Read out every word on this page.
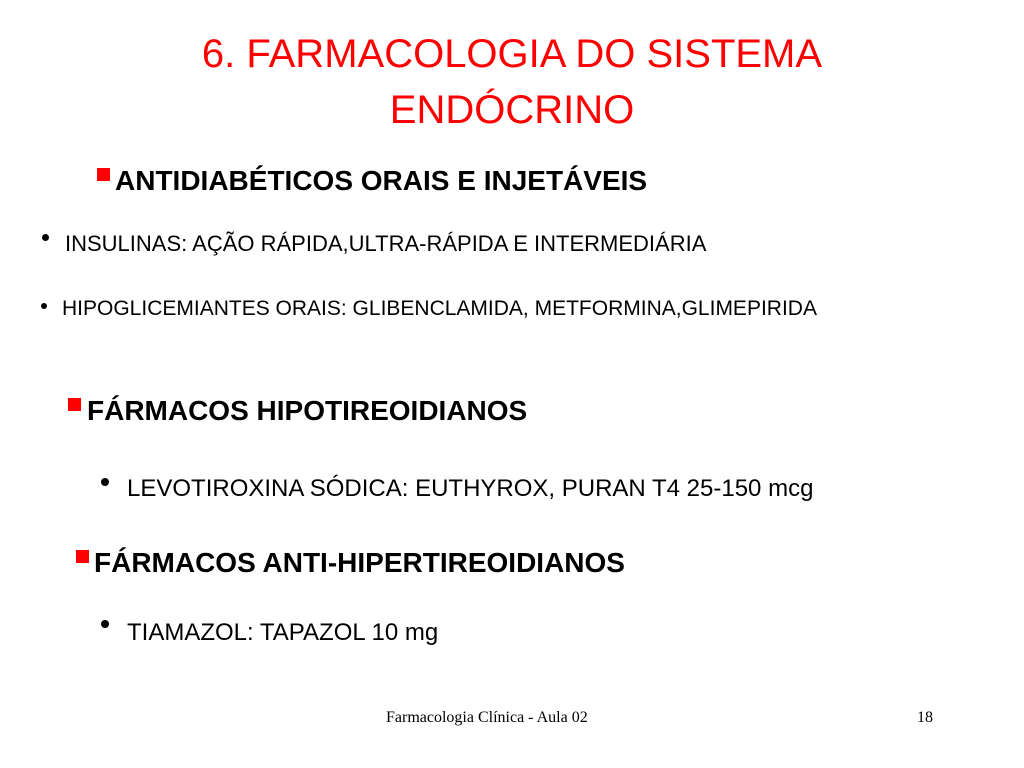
6. FARMACOLOGIA DO SISTEMA
ENDÓCRINO
ANTIDIABÉTICOS ORAIS E INJETÁVEIS
INSULINAS: AÇÃO RÁPIDA,ULTRA-RÁPIDA E INTERMEDIÁRIA
HIPOGLICEMIANTES ORAIS: GLIBENCLAMIDA, METFORMINA,GLIMEPIRIDA
FÁRMACOS HIPOTIREOIDIANOS
LEVOTIROXINA SÓDICA: EUTHYROX, PURAN T4 25-150 mcg
FÁRMACOS ANTI-HIPERTIREOIDIANOS
TIAMAZOL: TAPAZOL 10 mg
Farmacologia Clínica - Aula 02	18
